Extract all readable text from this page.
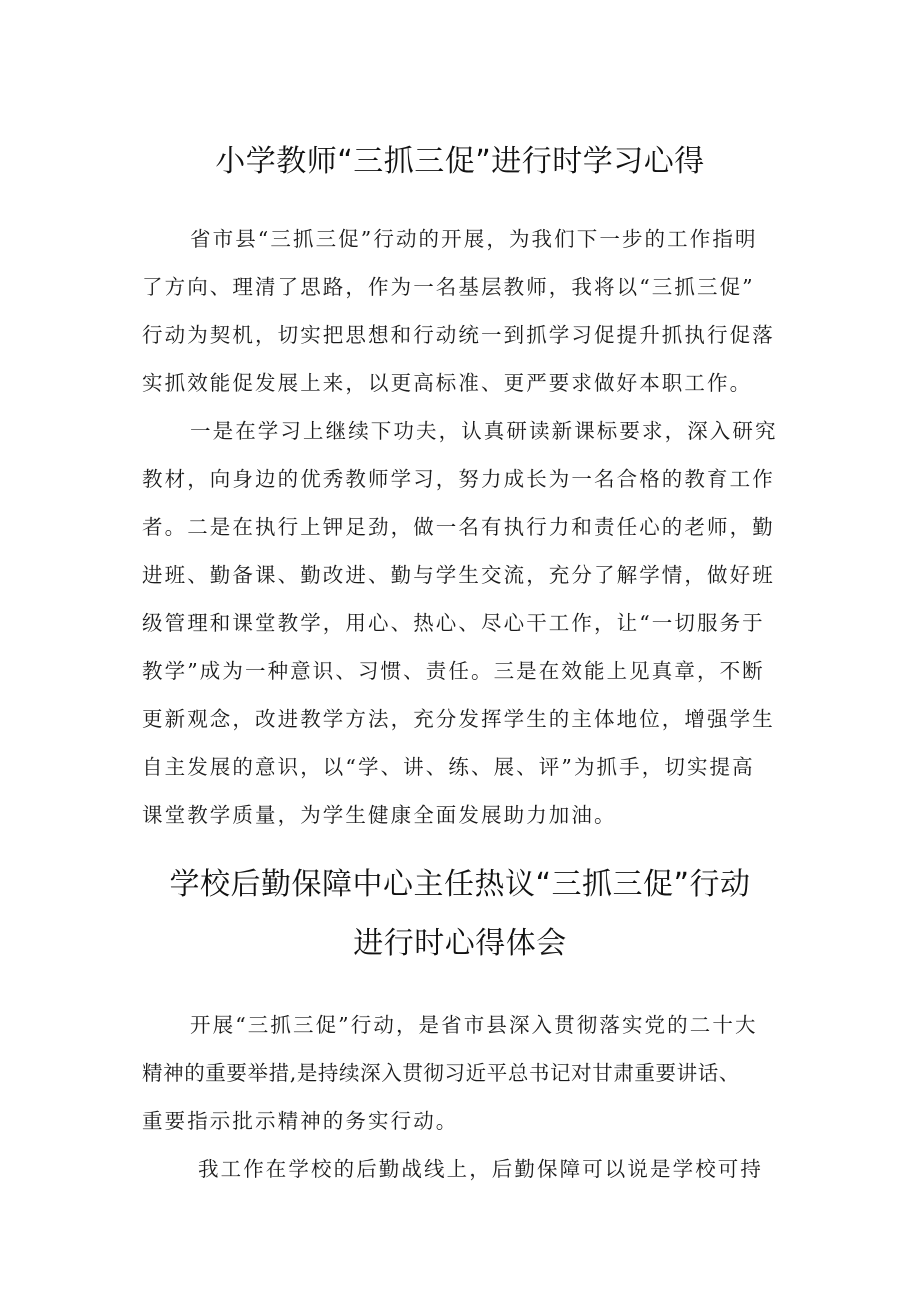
小学教师“三抓三促”进行时学习心得
省市县“三抓三促”行动的开展，为我们下一步的工作指明
了方向、理清了思路，作为一名基层教师，我将以“三抓三促”
行动为契机，切实把思想和行动统一到抓学习促提升抓执行促落
实抓效能促发展上来，以更高标准、更严要求做好本职工作。
一是在学习上继续下功夫，认真研读新课标要求，深入研究
教材，向身边的优秀教师学习，努力成长为一名合格的教育工作
者。二是在执行上钾足劲，做一名有执行力和责任心的老师，勤
进班、勤备课、勤改进、勤与学生交流，充分了解学情，做好班
级管理和课堂教学，用心、热心、尽心干工作，让“一切服务于
教学”成为一种意识、习惯、责任。三是在效能上见真章，不断
更新观念，改进教学方法，充分发挥学生的主体地位，增强学生
自主发展的意识，以“学、讲、练、展、评”为抓手，切实提高
课堂教学质量，为学生健康全面发展助力加油。
学校后勤保障中心主任热议“三抓三促”行动
进行时心得体会
开展“三抓三促”行动，是省市县深入贯彻落实党的二十大
精神的重要举措,是持续深入贯彻习近平总书记对甘肃重要讲话、
重要指示批示精神的务实行动。
我工作在学校的后勤战线上，后勤保障可以说是学校可持
